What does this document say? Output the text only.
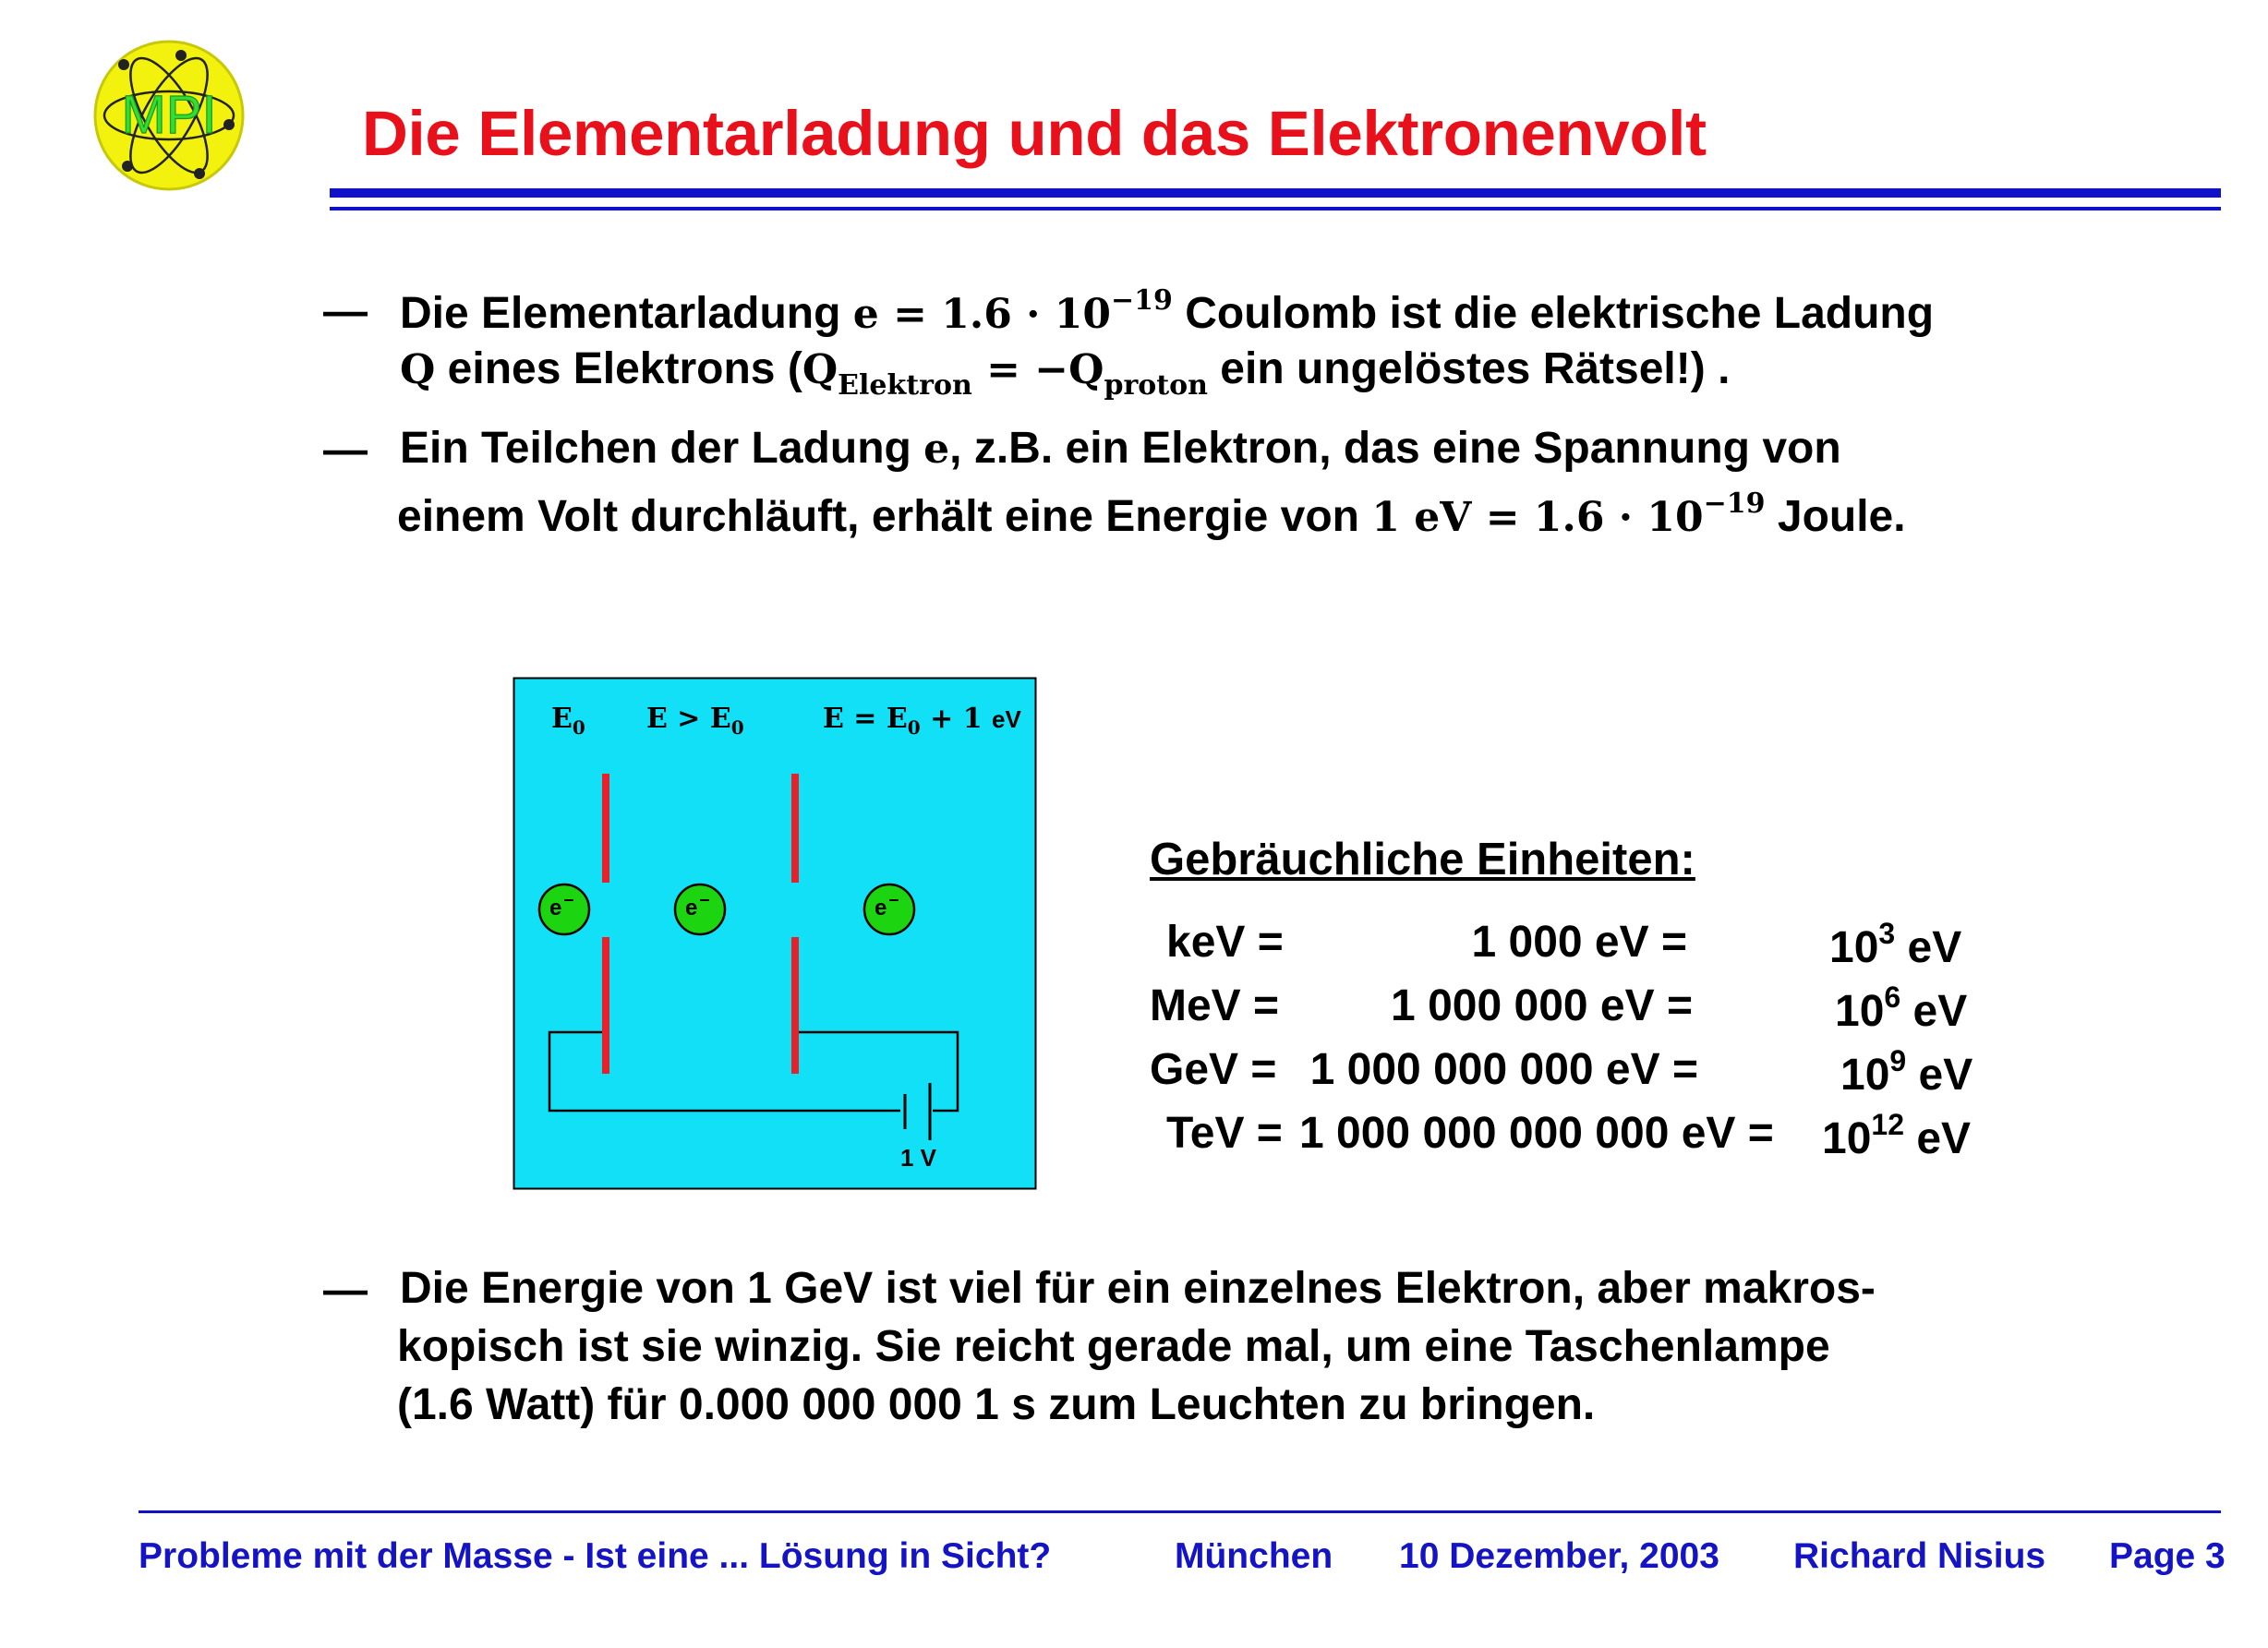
MPI Die Elementarladung und das Elektronenvolt
— Die Elementarladung $e = 1.6 \cdot 10^{-19}$ Coulomb ist die elektrische Ladung
Q eines Elektrons ($Q_{Elektron} = -Q_{proton}$ ein ungelöstes Rätsel!) .
— Ein Teilchen der Ladung e, z.B. ein Elektron, das eine Spannung von
einem Volt durchläuft, erhält eine Energie von 1 eV = $1.6 \cdot 10^{-19}$ Joule.
$E_0$ $E > E_0$	$E = E_0 + 1$ eV
1 V
e	e	e
Gebräuchliche Einheiten:
keV =	1 000 eV =	$10^3$ eV
MeV =	1 000 000 eV =	$10^6$ eV
GeV = 1 000 000 000 eV =	$10^9$ eV
TeV = 1 000 000 000 000 eV = $10^{12}$ eV
— Die Energie von 1 GeV ist viel für ein einzelnes Elektron, aber makros-
kopisch ist sie winzig. Sie reicht gerade mal, um eine Taschenlampe
(1.6 Watt) für 0.000 000 000 1 s zum Leuchten zu bringen.
Probleme mit der Masse - Ist eine ... Lösung in Sicht?	München 10 Dezember, 2003 Richard Nisius Page 3
